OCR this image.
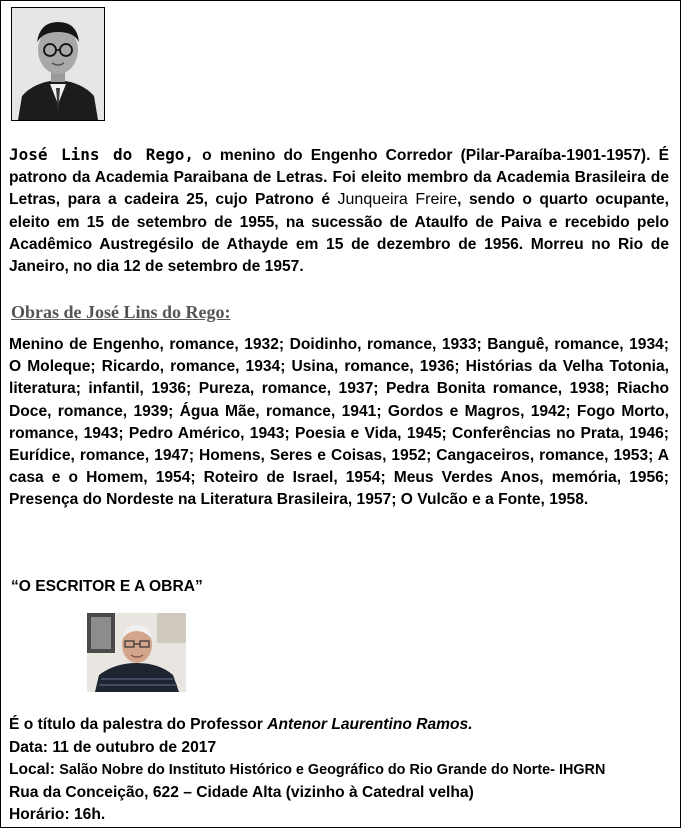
José Lins do Rego, o menino do Engenho Corredor (Pilar-Paraíba-1901-1957). É patrono da Academia Paraibana de Letras. Foi eleito membro da Academia Brasileira de Letras, para a cadeira 25, cujo Patrono é Junqueira Freire, sendo o quarto ocupante, eleito em 15 de setembro de 1955, na sucessão de Ataulfo de Paiva e recebido pelo Acadêmico Austregésilo de Athayde em 15 de dezembro de 1956. Morreu no Rio de Janeiro, no dia 12 de setembro de 1957.

Obras de José Lins do Rego:

Menino de Engenho, romance, 1932; Doidinho, romance, 1933; Banguê, romance, 1934; O Moleque; Ricardo, romance, 1934; Usina, romance, 1936; Histórias da Velha Totonia, literatura; infantil, 1936; Pureza, romance, 1937; Pedra Bonita romance, 1938; Riacho Doce, romance, 1939; Água Mãe, romance, 1941; Gordos e Magros, 1942; Fogo Morto, romance, 1943; Pedro Américo, 1943; Poesia e Vida, 1945; Conferências no Prata, 1946; Eurídice, romance, 1947; Homens, Seres e Coisas, 1952; Cangaceiros, romance, 1953; A casa e o Homem, 1954; Roteiro de Israel, 1954; Meus Verdes Anos, memória, 1956; Presença do Nordeste na Literatura Brasileira, 1957; O Vulcão e a Fonte, 1958.

“O ESCRITOR E A OBRA”
É o título da palestra do Professor Antenor Laurentino Ramos.
Data: 11 de outubro de 2017
Local: Salão Nobre do Instituto Histórico e Geográfico do Rio Grande do Norte- IHGRN
Rua da Conceição, 622 – Cidade Alta (vizinho à Catedral velha)
Horário: 16h.
